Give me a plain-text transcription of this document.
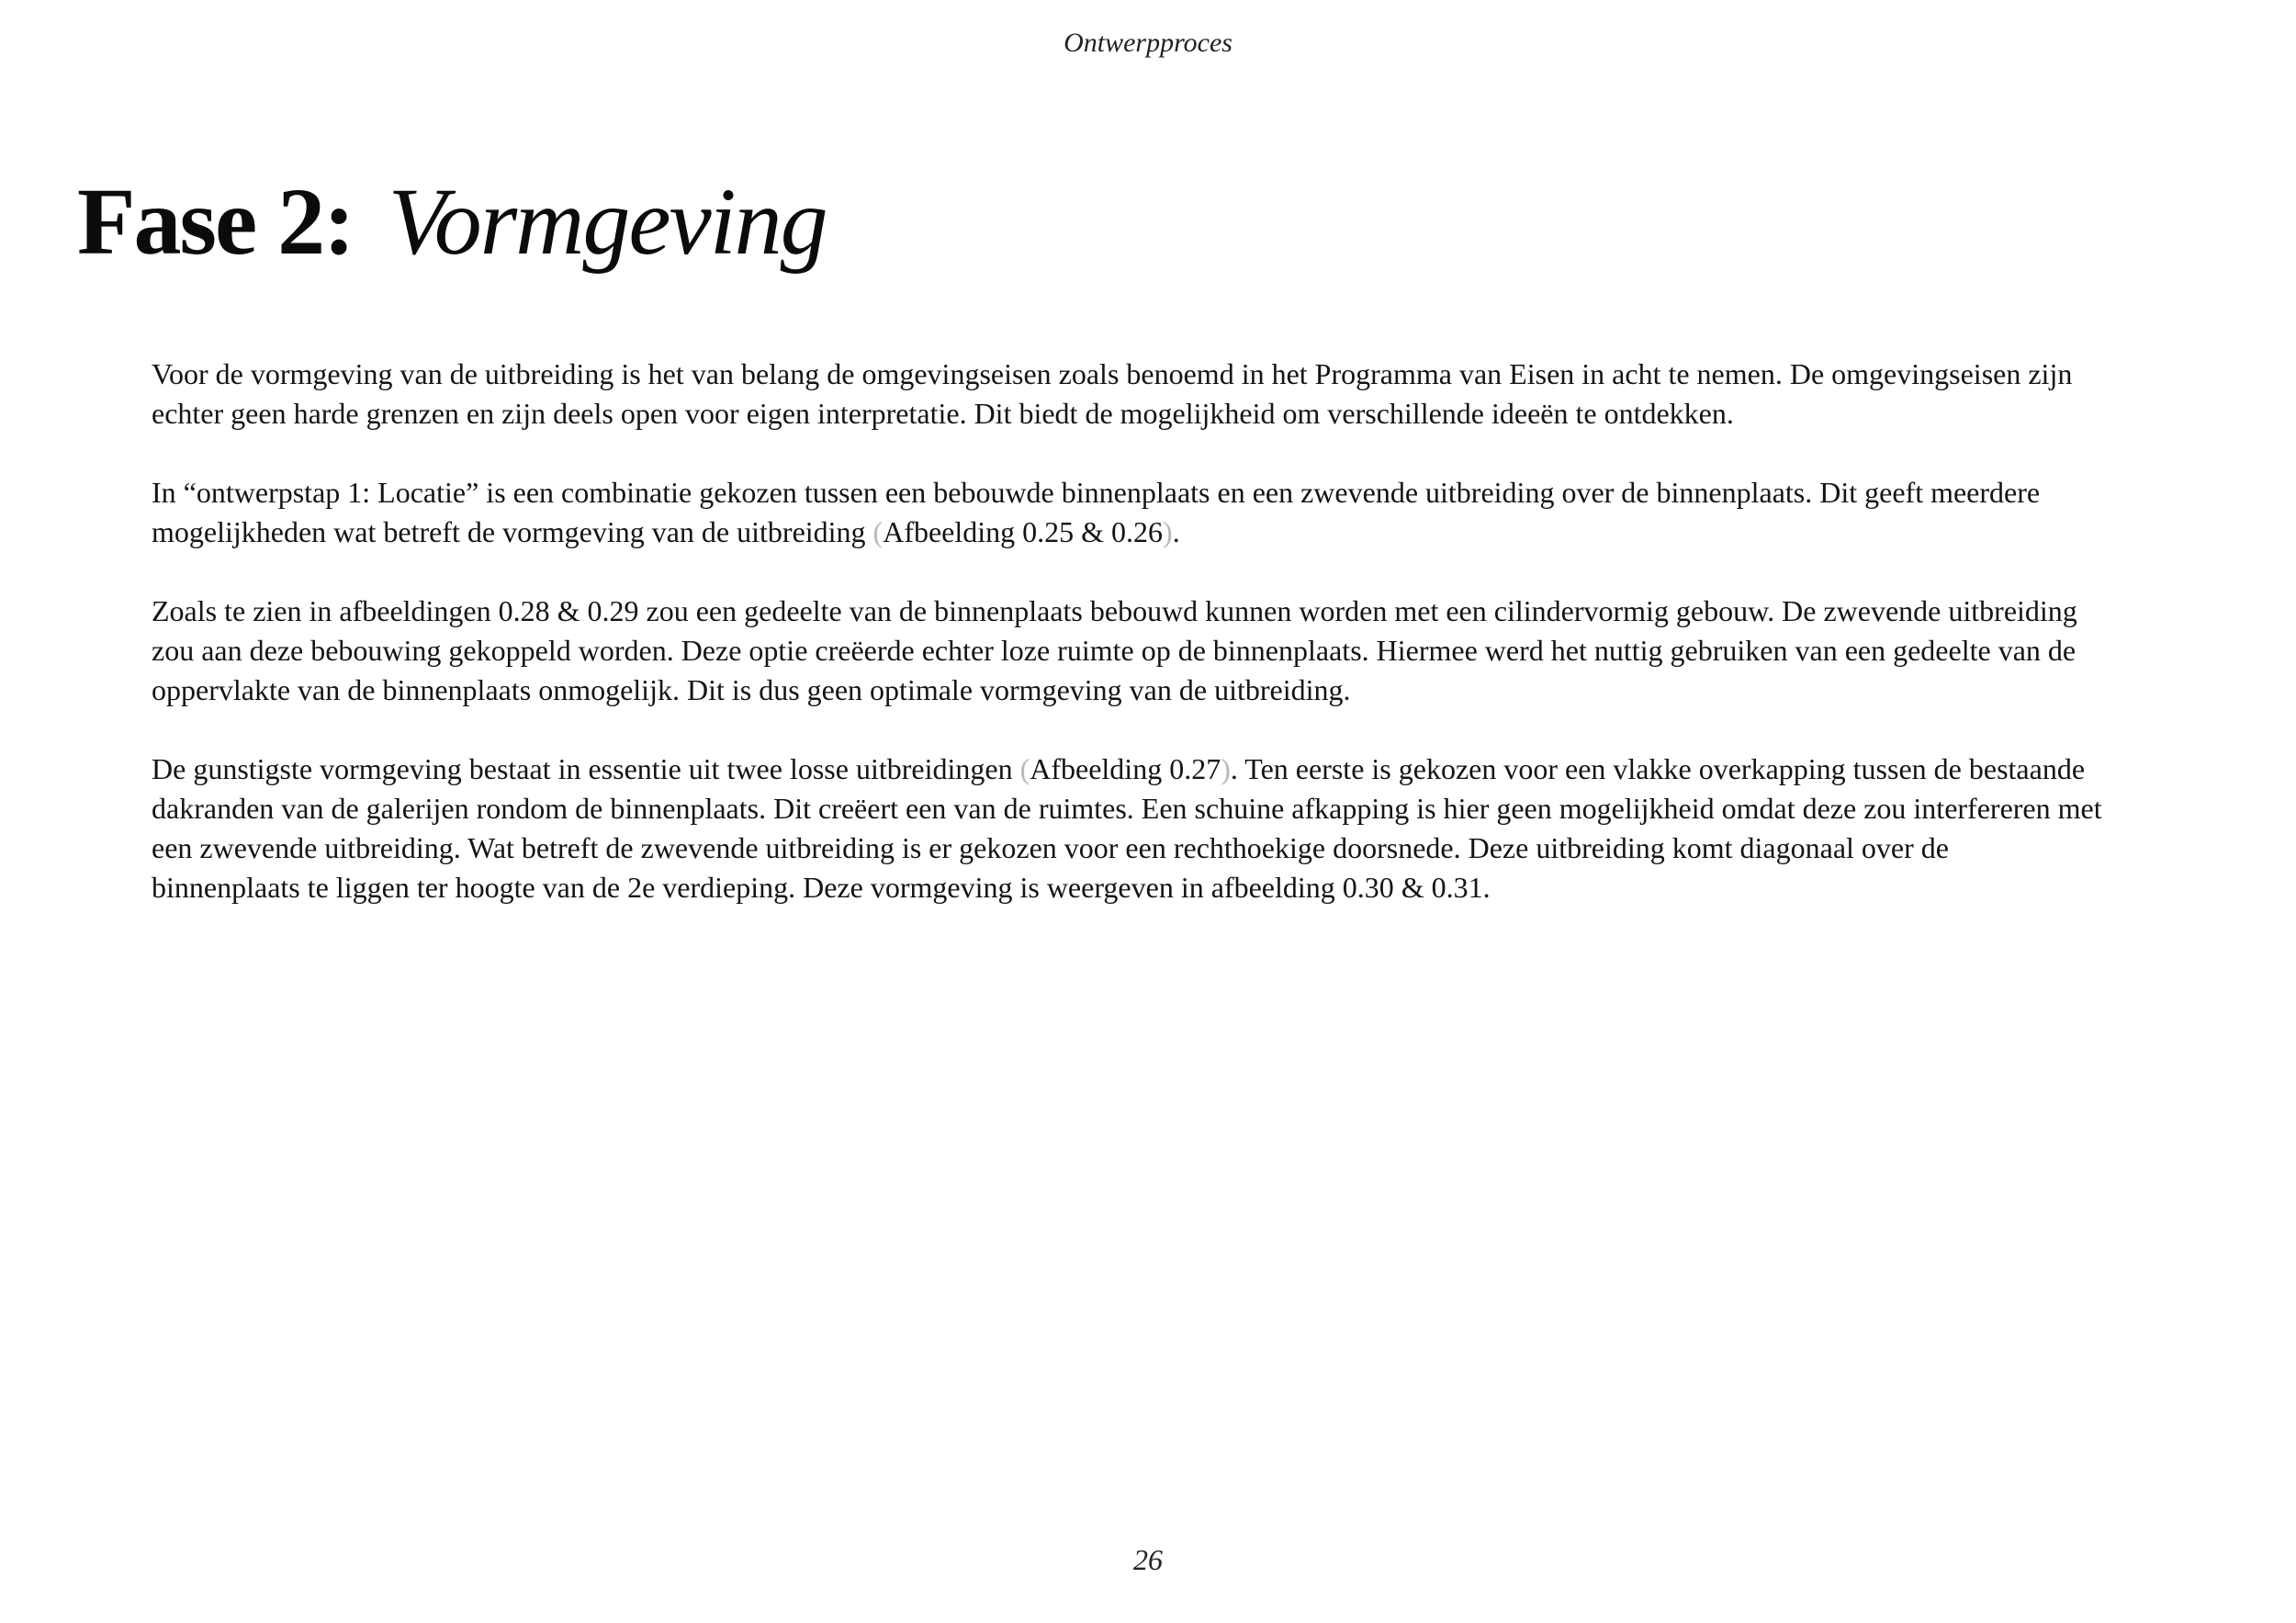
Ontwerpproces
Fase 2: Vormgeving

Voor de vormgeving van de uitbreiding is het van belang de omgevingseisen zoals benoemd in het Programma van Eisen in acht te nemen. De omgevingseisen zijn echter geen harde grenzen en zijn deels open voor eigen interpretatie. Dit biedt de mogelijkheid om verschillende ideeën te ontdekken.

In “ontwerpstap 1: Locatie” is een combinatie gekozen tussen een bebouwde binnenplaats en een zwevende uitbreiding over de binnenplaats. Dit geeft meerdere mogelijkheden wat betreft de vormgeving van de uitbreiding (Afbeelding 0.25 & 0.26).

Zoals te zien in afbeeldingen 0.28 & 0.29 zou een gedeelte van de binnenplaats bebouwd kunnen worden met een cilindervormig gebouw. De zwevende uitbreiding zou aan deze bebouwing gekoppeld worden. Deze optie creëerde echter loze ruimte op de binnenplaats. Hiermee werd het nuttig gebruiken van een gedeelte van de oppervlakte van de binnenplaats onmogelijk. Dit is dus geen optimale vormgeving van de uitbreiding.

De gunstigste vormgeving bestaat in essentie uit twee losse uitbreidingen (Afbeelding 0.27). Ten eerste is gekozen voor een vlakke overkapping tussen de bestaande dakranden van de galerijen rondom de binnenplaats. Dit creëert een van de ruimtes. Een schuine afkapping is hier geen mogelijkheid omdat deze zou interfereren met een zwevende uitbreiding. Wat betreft de zwevende uitbreiding is er gekozen voor een rechthoekige doorsnede. Deze uitbreiding komt diagonaal over de binnenplaats te liggen ter hoogte van de 2e verdieping. Deze vormgeving is weergeven in afbeelding 0.30 & 0.31.

26
